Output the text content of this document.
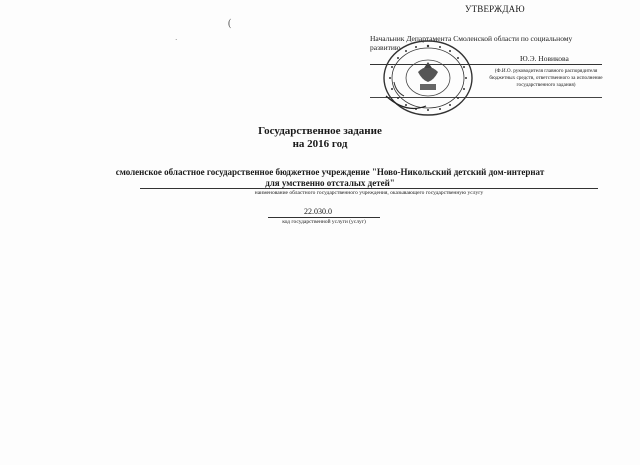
(
·
УТВЕРЖДАЮ
Начальник Департамента Смоленской области по социальному
развитию
Ю.Э. Новикова
(Ф.И.О. руководителя главного распорядителя бюджетных средств, ответственного за исполнение государственного задания)
Государственное задание
на 2016 год
смоленское областное государственное бюджетное учреждение "Ново-Никольский детский дом-интернат
для умственно отсталых детей"
наименование областного государственного учреждения, оказывающего государственную услугу
22.030.0
код государственной услуги (услуг)
